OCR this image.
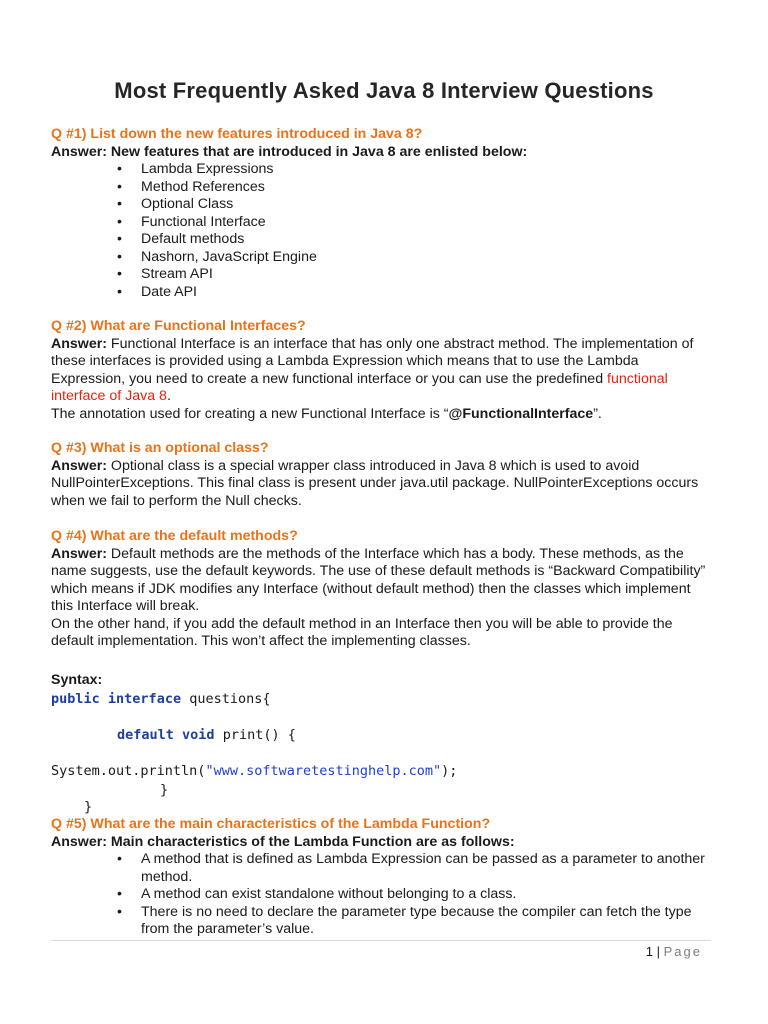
Most Frequently Asked Java 8 Interview Questions
Q #1) List down the new features introduced in Java 8?
Answer: New features that are introduced in Java 8 are enlisted below:
• Lambda Expressions
• Method References
• Optional Class
• Functional Interface
• Default methods
• Nashorn, JavaScript Engine
• Stream API
• Date API
Q #2) What are Functional Interfaces?
Answer: Functional Interface is an interface that has only one abstract method. The implementation of these interfaces is provided using a Lambda Expression which means that to use the Lambda Expression, you need to create a new functional interface or you can use the predefined functional interface of Java 8.
The annotation used for creating a new Functional Interface is “@FunctionalInterface”.
Q #3) What is an optional class?
Answer: Optional class is a special wrapper class introduced in Java 8 which is used to avoid NullPointerExceptions. This final class is present under java.util package. NullPointerExceptions occurs when we fail to perform the Null checks.
Q #4) What are the default methods?
Answer: Default methods are the methods of the Interface which has a body. These methods, as the name suggests, use the default keywords. The use of these default methods is “Backward Compatibility” which means if JDK modifies any Interface (without default method) then the classes which implement this Interface will break.
On the other hand, if you add the default method in an Interface then you will be able to provide the default implementation. This won’t affect the implementing classes.
Syntax:
public interface questions{
default void print() {
System.out.println("www.softwaretestinghelp.com");
}
}
Q #5) What are the main characteristics of the Lambda Function?
Answer: Main characteristics of the Lambda Function are as follows:
• A method that is defined as Lambda Expression can be passed as a parameter to another method.
• A method can exist standalone without belonging to a class.
• There is no need to declare the parameter type because the compiler can fetch the type from the parameter’s value.
1 | Page
